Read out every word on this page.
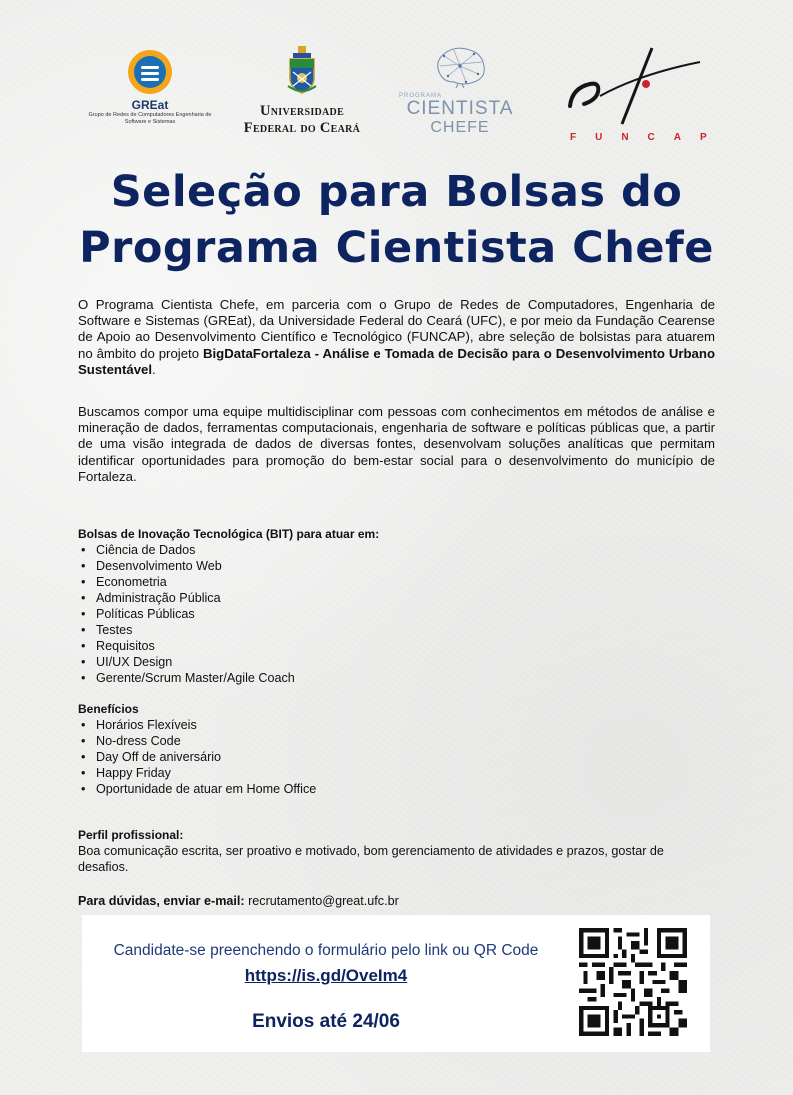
GREat
Grupo de Redes de Computadores Engenharia de Software e Sistemas
Universidade
Federal do Ceará
PROGRAMA
CIENTISTA
CHEFE
FUNCAP
Seleção para Bolsas do
Programa Cientista Chefe
O Programa Cientista Chefe, em parceria com o Grupo de Redes de Computadores, Engenharia de Software e Sistemas (GREat), da Universidade Federal do Ceará (UFC), e por meio da Fundação Cearense de Apoio ao Desenvolvimento Científico e Tecnológico (FUNCAP), abre seleção de bolsistas para atuarem no âmbito do projeto BigDataFortaleza - Análise e Tomada de Decisão para o Desenvolvimento Urbano Sustentável.
Buscamos compor uma equipe multidisciplinar com pessoas com conhecimentos em métodos de análise e mineração de dados, ferramentas computacionais, engenharia de software e políticas públicas que, a partir de uma visão integrada de dados de diversas fontes, desenvolvam soluções analíticas que permitam identificar oportunidades para promoção do bem-estar social para o desenvolvimento do município de Fortaleza.
Bolsas de Inovação Tecnológica (BIT) para atuar em:
• Ciência de Dados
• Desenvolvimento Web
• Econometria
• Administração Pública
• Políticas Públicas
• Testes
• Requisitos
• UI/UX Design
• Gerente/Scrum Master/Agile Coach
Benefícios
• Horários Flexíveis
• No-dress Code
• Day Off de aniversário
• Happy Friday
• Oportunidade de atuar em Home Office
Perfil profissional:
Boa comunicação escrita, ser proativo e motivado, bom gerenciamento de atividades e prazos, gostar de desafios.
Para dúvidas, enviar e-mail: recrutamento@great.ufc.br
Candidate-se preenchendo o formulário pelo link ou QR Code
https://is.gd/OveIm4
Envios até 24/06
